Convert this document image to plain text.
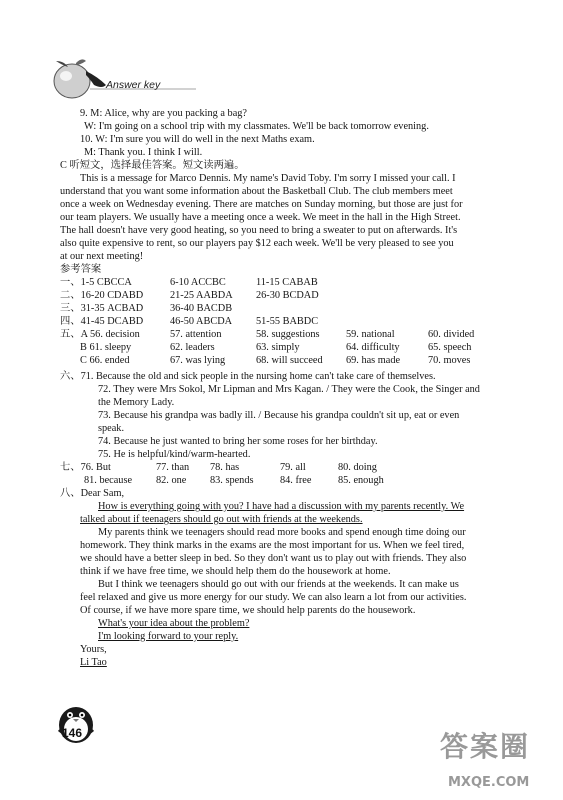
Answer key
9. M: Alice, why are you packing a bag?
W: I'm going on a school trip with my classmates. We'll be back tomorrow evening.
10. W: I'm sure you will do well in the next Maths exam.
M: Thank you. I think I will.
C 听短文，选择最佳答案。短文读两遍。
This is a message for Marco Dennis. My name's David Toby. I'm sorry I missed your call. I
understand that you want some information about the Basketball Club. The club members meet
once a week on Wednesday evening. There are matches on Sunday morning, but those are just for
our team players. We usually have a meeting once a week. We meet in the hall in the High Street.
The hall doesn't have very good heating, so you need to bring a sweater to put on afterwards. It's
also quite expensive to rent, so our players pay $12 each week. We'll be very pleased to see you
at our next meeting!
参考答案
一、1-5 CBCCA	6-10 ACCBC	11-15 CABAB
二、16-20 CDABD	21-25 AABDA 26-30 BCDAD
三、31-35 ACBAD	36-40 BACDB
四、41-45 DCABD	46-50 ABCDA 51-55 BABDC
五、A 56. decision	57. attention	58. suggestions	59. national	60. divided
B 61. sleepy	62. leaders	63. simply	64. difficulty	65. speech
C 66. ended	67. was lying	68. will succeed 69. has made	70. moves
六、71. Because the old and sick people in the nursing home can't take care of themselves.
72. They were Mrs Sokol, Mr Lipman and Mrs Kagan. / They were the Cook, the Singer and
the Memory Lady.
73. Because his grandpa was badly ill. / Because his grandpa couldn't sit up, eat or even
speak.
74. Because he just wanted to bring her some roses for her birthday.
75. He is helpful/kind/warm-hearted.
七、76. But	77. than 78. has	79. all	80. doing
81. because 82. one 83. spends	84. free	85. enough
八、Dear Sam,
How is everything going with you? I have had a discussion with my parents recently. We
talked about if teenagers should go out with friends at the weekends.
My parents think we teenagers should read more books and spend enough time doing our
homework. They think marks in the exams are the most important for us. When we feel tired,
we should have a better sleep in bed. So they don't want us to play out with friends. They also
think if we have free time, we should help them do the housework at home.
But I think we teenagers should go out with our friends at the weekends. It can make us
feel relaxed and give us more energy for our study. We can also learn a lot from our activities.
Of course, if we have more spare time, we should help parents do the housework.
What's your idea about the problem?
I'm looking forward to your reply.
Yours,
Li Tao
146	答案圈
MXQE.COM
